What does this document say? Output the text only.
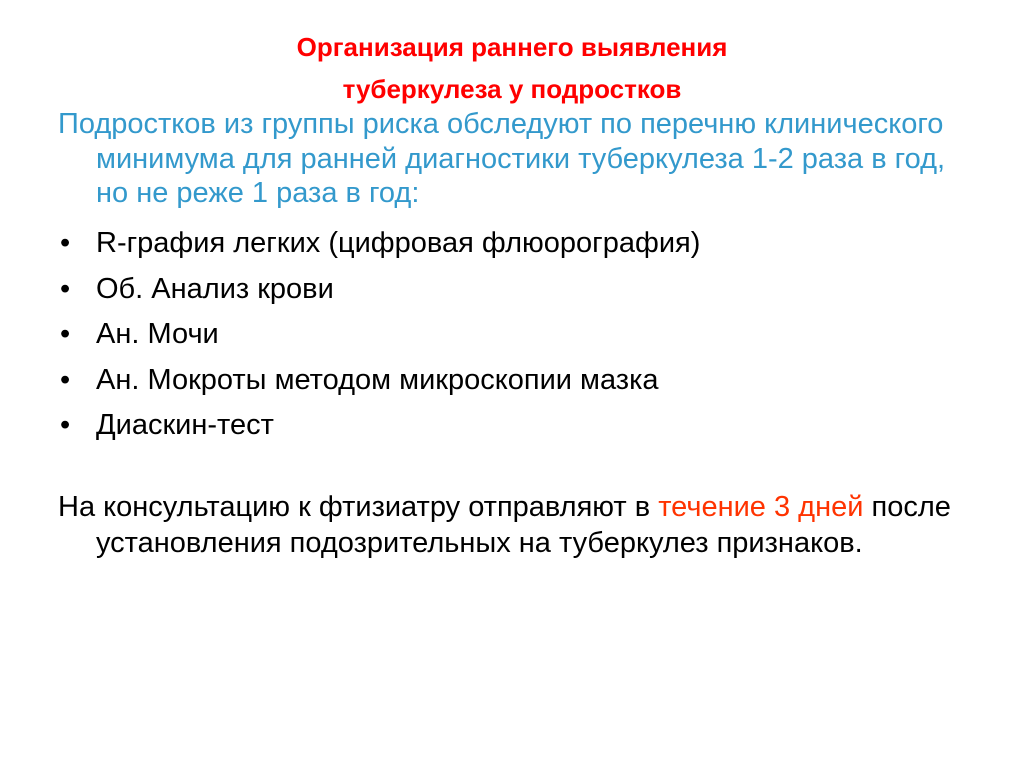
Организация раннего выявления
туберкулеза у подростков
Подростков из группы риска обследуют по перечню клинического минимума для ранней диагностики туберкулеза 1-2 раза в год, но не реже 1 раза в год:
• R-графия легких (цифровая флюорография)
• Об. Анализ крови
• Ан. Мочи
• Ан. Мокроты методом микроскопии мазка
• Диаскин-тест
На консультацию к фтизиатру отправляют в течение 3 дней после установления подозрительных на туберкулез признаков.
